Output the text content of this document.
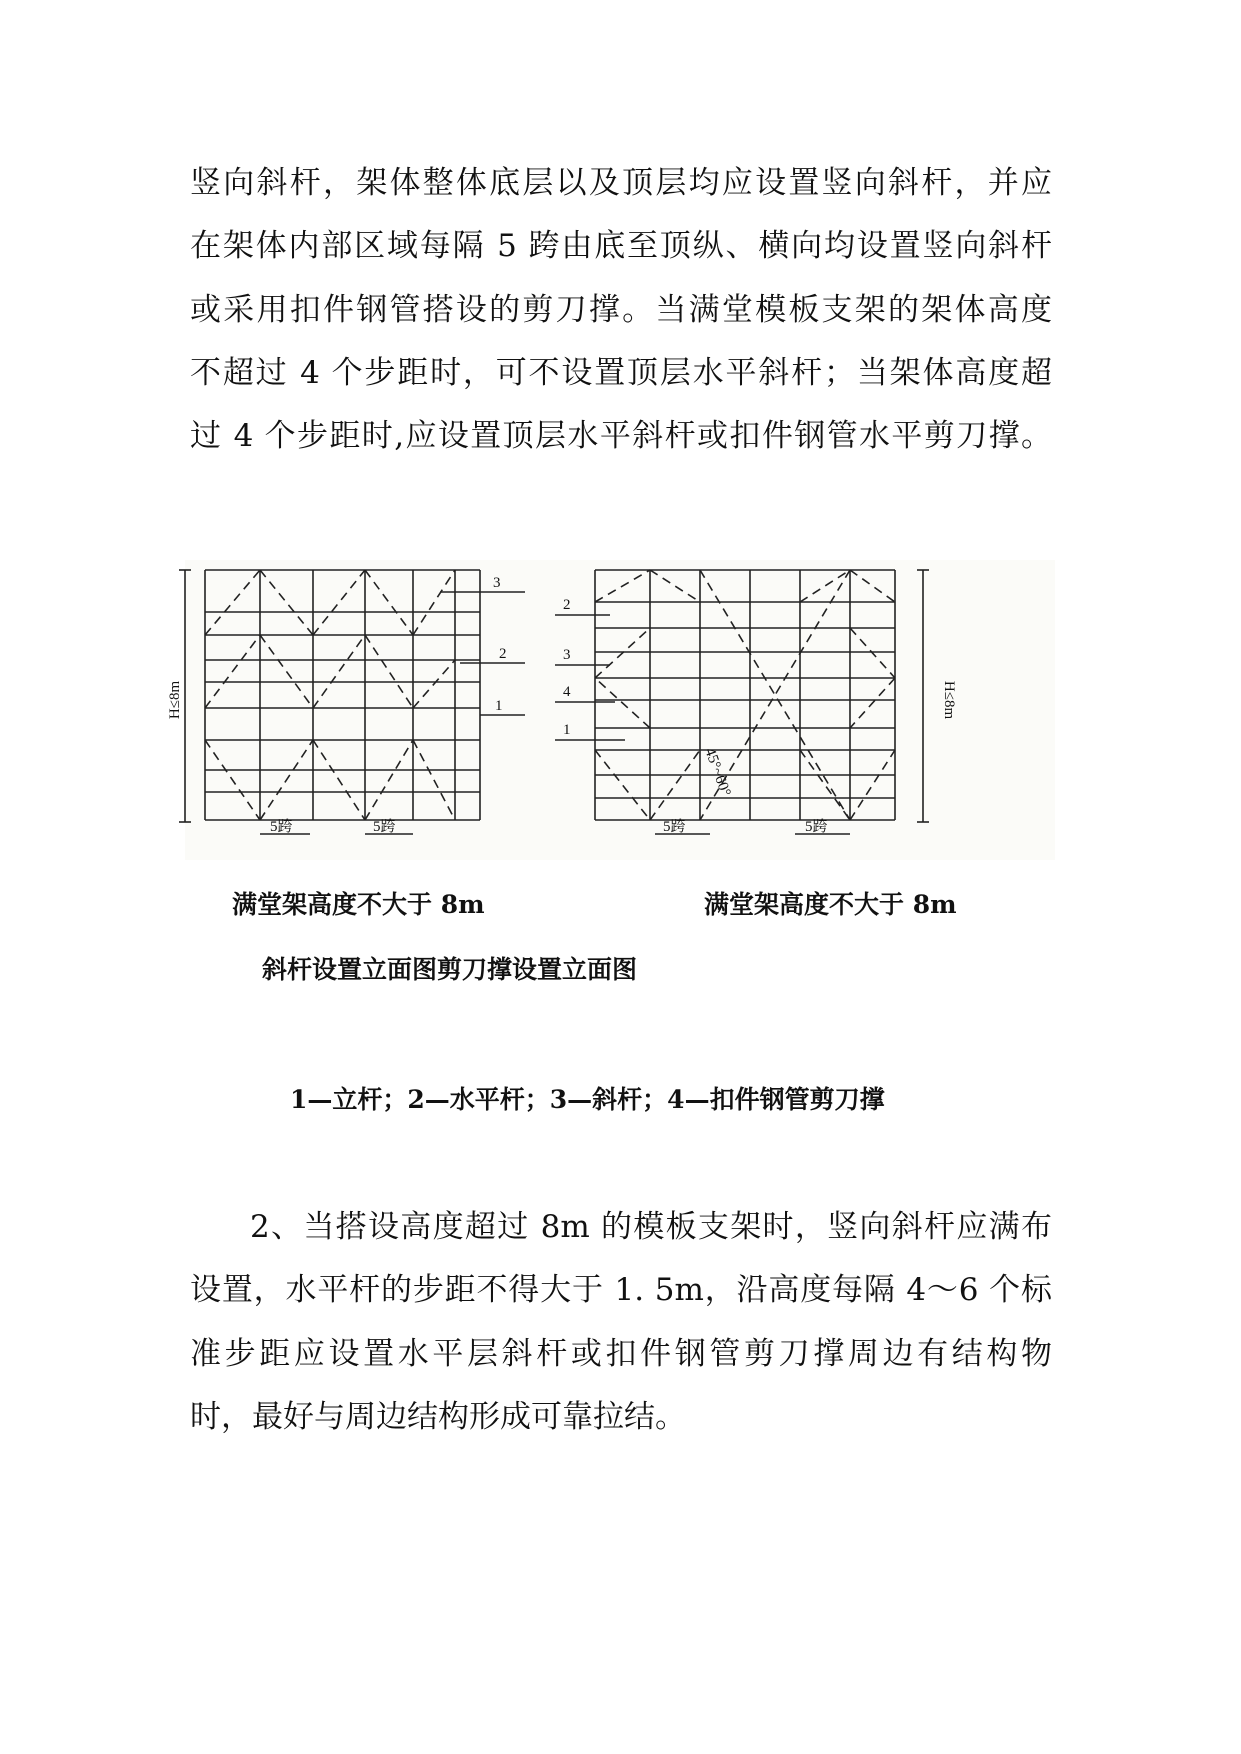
竖向斜杆，架体整体底层以及顶层均应设置竖向斜杆，并应
在架体内部区域每隔 5 跨由底至顶纵、横向均设置竖向斜杆
或采用扣件钢管搭设的剪刀撑。当满堂模板支架的架体高度
不超过 4 个步距时，可不设置顶层水平斜杆；当架体高度超
过 4 个步距时,应设置顶层水平斜杆或扣件钢管水平剪刀撑。
H≤8m
3
2
1
5跨	5跨
H≤8m
2
3
4
1
45°~60°
5跨	5跨
满堂架高度不大于 8m	满堂架高度不大于 8m
斜杆设置立面图剪刀撑设置立面图
1—立杆；2—水平杆；3—斜杆；4—扣件钢管剪刀撑
2、当搭设高度超过 8m 的模板支架时，竖向斜杆应满布
设置，水平杆的步距不得大于 1. 5m，沿高度每隔 4～6 个标
准步距应设置水平层斜杆或扣件钢管剪刀撑周边有结构物
时，最好与周边结构形成可靠拉结。
